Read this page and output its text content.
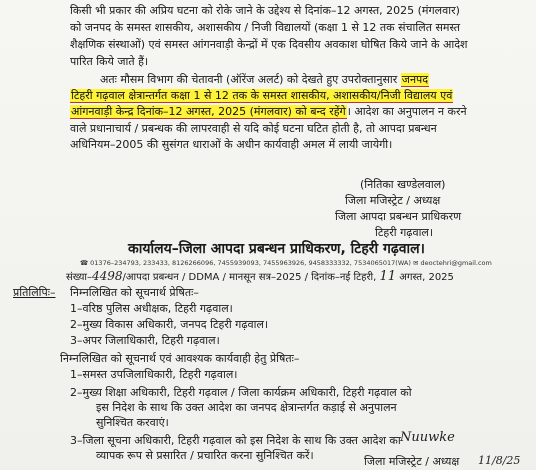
किसी भी प्रकार की अप्रिय घटना को रोके जाने के उद्देश्य से दिनांक–12 अगस्त, 2025 (मंगलवार)

को जनपद के समस्त शासकीय, अशासकीय / निजी विद्यालयों (कक्षा 1 से 12 तक संचालित समस्त

शैक्षणिक संस्थाओं) एवं समस्त आंगनवाड़ी केन्द्रों में एक दिवसीय अवकाश घोषित किये जाने के आदेश

पारित किये जाते हैं।

अतः मौसम विभाग की चेतावनी (ऑरेंज अलर्ट) को देखते हुए उपरोक्तानुसार जनपद

टिहरी गढ़वाल क्षेत्रान्तर्गत कक्षा 1 से 12 तक के समस्त शासकीय, अशासकीय/निजी विद्यालय एवं

आंगनवाड़ी केन्द्र दिनांक–12 अगस्त, 2025 (मंगलवार) को बन्द रहेंगे। आदेश का अनुपालन न करने

वाले प्रधानाचार्य / प्रबन्धक की लापरवाही से यदि कोई घटना घटित होती है, तो आपदा प्रबन्धन

अधिनियम–2005 की सुसंगत धाराओं के अधीन कार्यवाही अमल में लायी जायेगी।

(नितिका खण्डेलवाल)

जिला मजिस्ट्रेट / अध्यक्ष

जिला आपदा प्रबन्धन प्राधिकरण

टिहरी गढ़वाल।

कार्यालय–जिला आपदा प्रबन्धन प्राधिकरण, टिहरी गढ़वाल।

☎ 01376–234793, 233433, 8126266096, 7455939093, 7455963926, 9458333332, 7534065017(WA) ✉ deoctehri@gmail.com

संख्या–4498/आपदा प्रबन्धन / DDMA / मानसून सत्र–2025 / दिनांक–नई टिहरी, 11 अगस्त, 2025

प्रतिलिपिः– निम्नलिखित को सूचनार्थ प्रेषितः–

1–वरिष्ठ पुलिस अधीक्षक, टिहरी गढ़वाल।

2–मुख्य विकास अधिकारी, जनपद टिहरी गढ़वाल।

3–अपर जिलाधिकारी, टिहरी गढ़वाल।

निम्नलिखित को सूचनार्थ एवं आवश्यक कार्यवाही हेतु प्रेषितः–

1–समस्त उपजिलाधिकारी, टिहरी गढ़वाल।

2–मुख्य शिक्षा अधिकारी, टिहरी गढ़वाल / जिला कार्यक्रम अधिकारी, टिहरी गढ़वाल को

इस निदेश के साथ कि उक्त आदेश का जनपद क्षेत्रान्तर्गत कड़ाई से अनुपालन

सुनिश्चित करवाएं।

3–जिला सूचना अधिकारी, टिहरी गढ़वाल को इस निदेश के साथ कि उक्त आदेश का

व्यापक रूप से प्रसारित / प्रचारित करना सुनिश्चित करें।

Nuuwke

जिला मजिस्ट्रेट / अध्यक्ष 11/8/25
